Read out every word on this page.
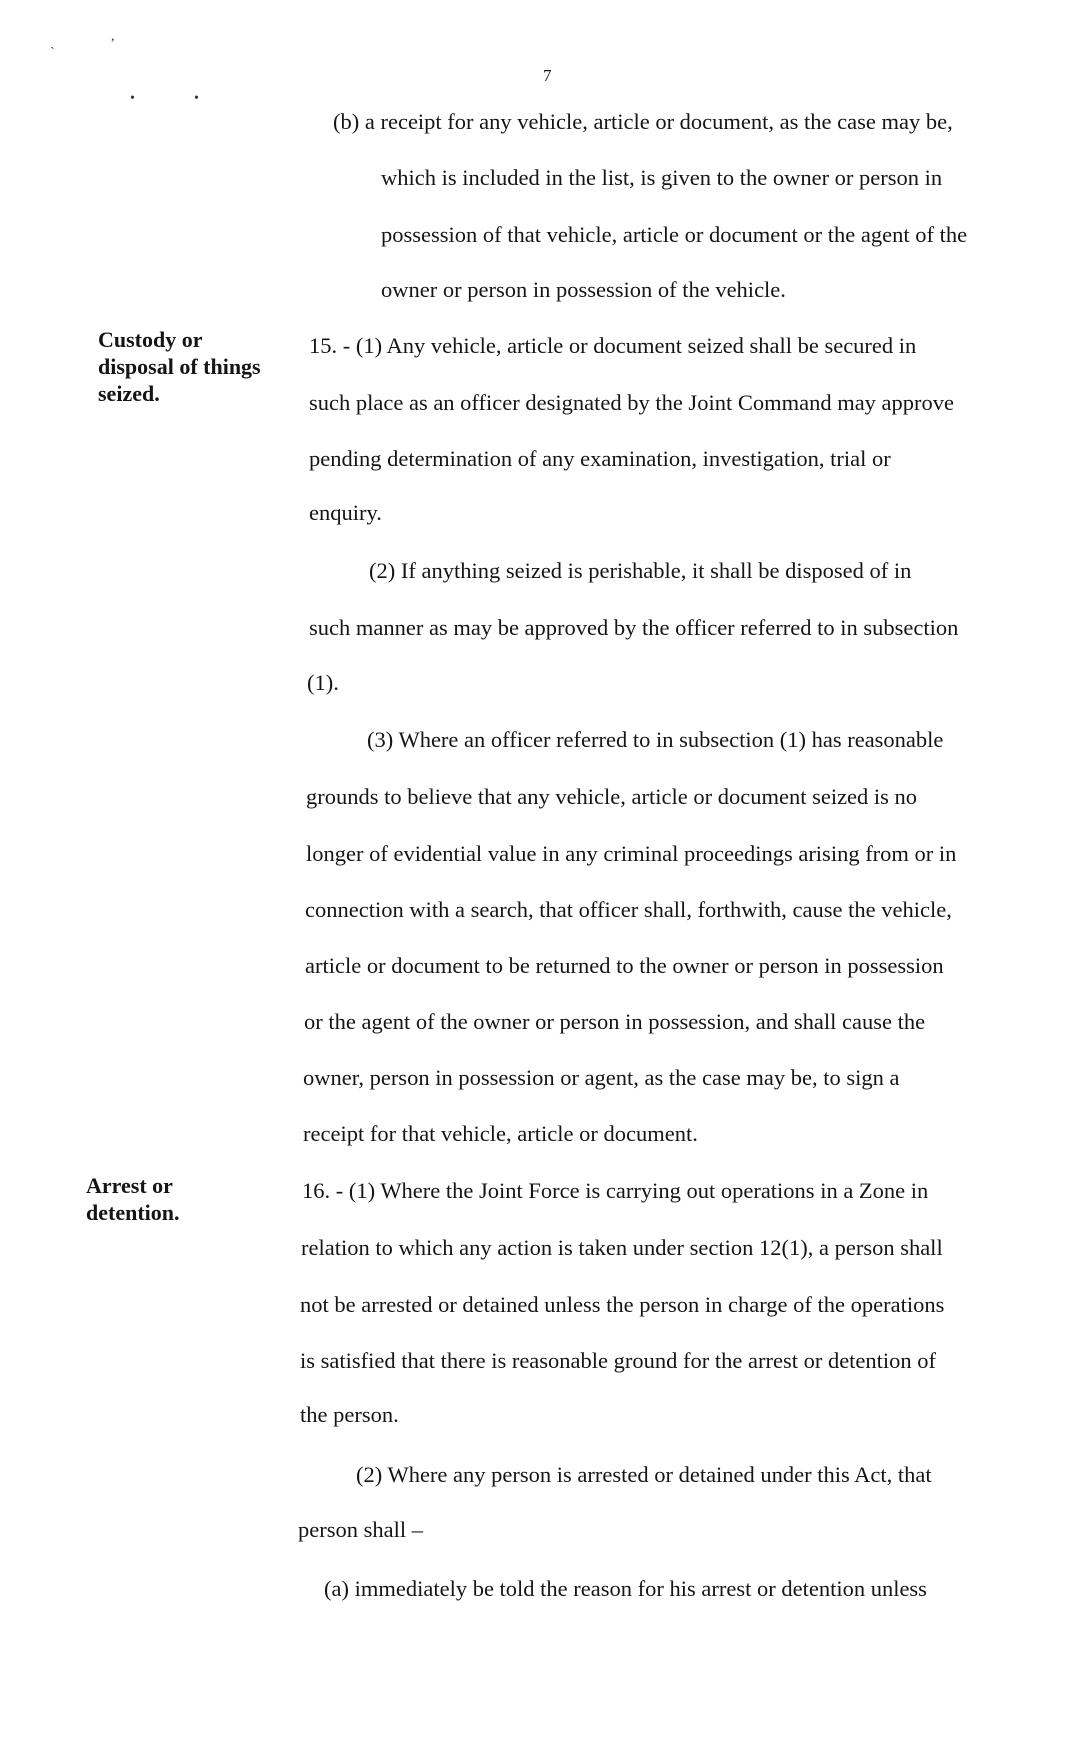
ˎ	,
•	•
7
Custody or
disposal of things
seized.
Arrest or
detention.
(b) a receipt for any vehicle, article or document, as the case may be,
which is included in the list, is given to the owner or person in
possession of that vehicle, article or document or the agent of the
owner or person in possession of the vehicle.
15. - (1) Any vehicle, article or document seized shall be secured in
such place as an officer designated by the Joint Command may approve
pending determination of any examination, investigation, trial or
enquiry.
(2) If anything seized is perishable, it shall be disposed of in
such manner as may be approved by the officer referred to in subsection
(1).
(3) Where an officer referred to in subsection (1) has reasonable
grounds to believe that any vehicle, article or document seized is no
longer of evidential value in any criminal proceedings arising from or in
connection with a search, that officer shall, forthwith, cause the vehicle,
article or document to be returned to the owner or person in possession
or the agent of the owner or person in possession, and shall cause the
owner, person in possession or agent, as the case may be, to sign a
receipt for that vehicle, article or document.
16. - (1) Where the Joint Force is carrying out operations in a Zone in
relation to which any action is taken under section 12(1), a person shall
not be arrested or detained unless the person in charge of the operations
is satisfied that there is reasonable ground for the arrest or detention of
the person.
(2) Where any person is arrested or detained under this Act, that
person shall –
(a) immediately be told the reason for his arrest or detention unless
